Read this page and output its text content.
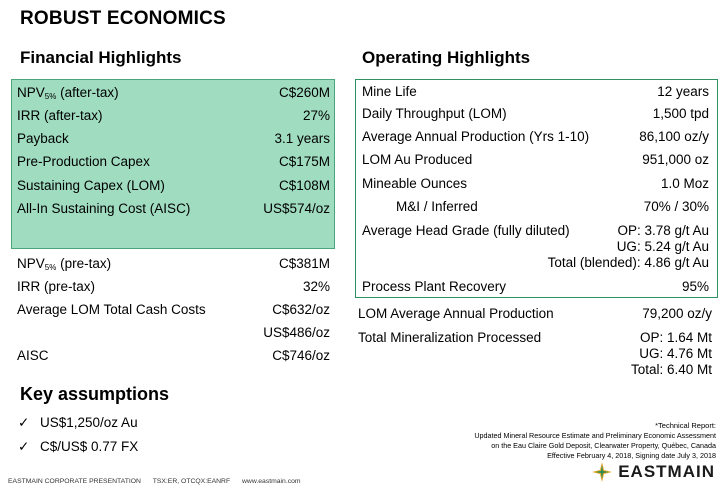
ROBUST ECONOMICS
Financial Highlights	Operating Highlights
$NPV_{5\%}$ (after-tax)	C$260M
IRR (after-tax)	27%
Payback	3.1 years
Pre-Production Capex	C$175M
Sustaining Capex (LOM)	C$108M
All-In Sustaining Cost (AISC)	US$574/oz
$NPV_{5\%}$ (pre-tax)	C$381M
IRR (pre-tax)	32%
Average LOM Total Cash Costs	C$632/oz
US$486/oz
AISC	C$746/oz
Mine Life	12 years
Daily Throughput (LOM)	1,500 tpd
Average Annual Production (Yrs 1-10)	86,100 oz/y
LOM Au Produced	951,000 oz
Mineable Ounces	1.0 Moz
M&I / Inferred	70% / 30%
Average Head Grade (fully diluted)	OP: 3.78 g/t Au
UG: 5.24 g/t Au
Total (blended): 4.86 g/t Au
Process Plant Recovery	95%
LOM Average Annual Production	79,200 oz/y
Total Mineralization Processed	OP: 1.64 Mt
UG: 4.76 Mt
Total: 6.40 Mt
Key assumptions
✓ US$1,250/oz Au
✓ C$/US$ 0.77 FX
*Technical Report:
Updated Mineral Resource Estimate and Preliminary Economic Assessment
on the Eau Claire Gold Deposit, Clearwater Property, Québec, Canada
Effective February 4, 2018, Signing date July 3, 2018
EASTMAIN CORPORATE PRESENTATION TSX:ER, OTCQX:EANRF www.eastmain.com
EASTMAIN
